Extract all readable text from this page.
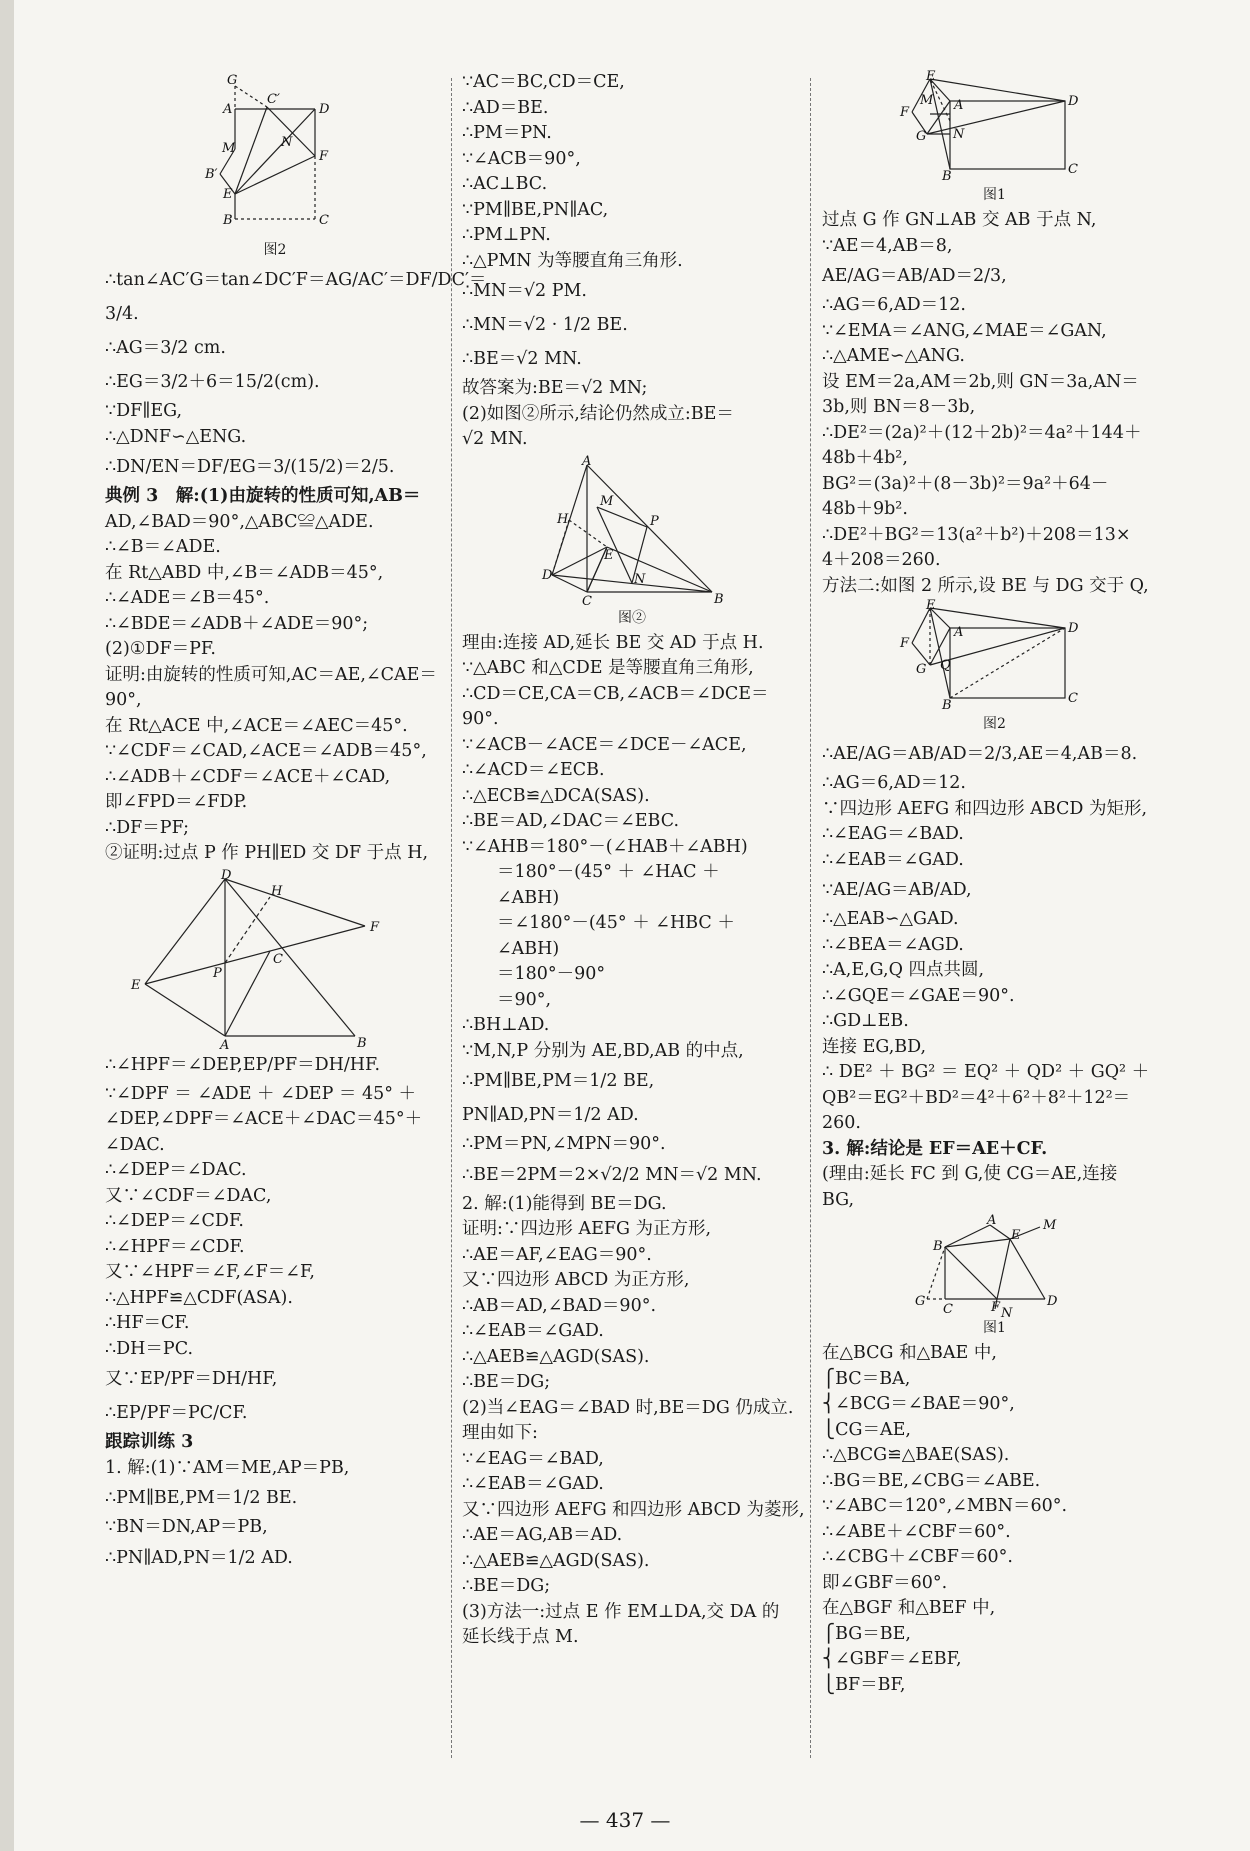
G
C′
A	D
M	N
B′
F
E
B	C
图2
∴tan∠AC′G＝tan∠DC′F＝AG/AC′＝DF/DC′＝
3/4.
∴AG＝3/2 cm.
∴EG＝3/2＋6＝15/2(cm).
∵DF∥EG,
∴△DNF∽△ENG.
∴DN/EN＝DF/EG＝3/(15/2)＝2/5.
典例 3　解:(1)由旋转的性质可知,AB＝
AD,∠BAD＝90°,△ABC≌△ADE.
∴∠B＝∠ADE.
在 Rt△ABD 中,∠B＝∠ADB＝45°,
∴∠ADE＝∠B＝45°.
∴∠BDE＝∠ADB＋∠ADE＝90°;
(2)①DF＝PF.
证明:由旋转的性质可知,AC＝AE,∠CAE＝
90°,
在 Rt△ACE 中,∠ACE＝∠AEC＝45°.
∵∠CDF＝∠CAD,∠ACE＝∠ADB＝45°,
∴∠ADB＋∠CDF＝∠ACE＋∠CAD,
即∠FPD＝∠FDP.
∴DF＝PF;
②证明:过点 P 作 PH∥ED 交 DF 于点 H,
D
H
F
E
P
C
A	B
∴∠HPF＝∠DEP,EP/PF＝DH/HF.
∵∠DPF ＝ ∠ADE ＋ ∠DEP ＝ 45° ＋
∠DEP,∠DPF＝∠ACE＋∠DAC＝45°＋
∠DAC.
∴∠DEP＝∠DAC.
又∵∠CDF＝∠DAC,
∴∠DEP＝∠CDF.
∴∠HPF＝∠CDF.
又∵∠HPF＝∠F,∠F＝∠F,
∴△HPF≌△CDF(ASA).
∴HF＝CF.
∴DH＝PC.
又∵EP/PF＝DH/HF,
∴EP/PF＝PC/CF.
跟踪训练 3
1. 解:(1)∵AM＝ME,AP＝PB,
∴PM∥BE,PM＝1/2 BE.
∵BN＝DN,AP＝PB,
∴PN∥AD,PN＝1/2 AD.
∵AC＝BC,CD＝CE,
∴AD＝BE.
∴PM＝PN.
∵∠ACB＝90°,
∴AC⊥BC.
∵PM∥BE,PN∥AC,
∴PM⊥PN.
∴△PMN 为等腰直角三角形.
∴MN＝√2 PM.
∴MN＝√2 · 1/2 BE.
∴BE＝√2 MN.
故答案为:BE＝√2 MN;
(2)如图②所示,结论仍然成立:BE＝
√2 MN.
A
M
P
H
E
D
C
N
B
图②
理由:连接 AD,延长 BE 交 AD 于点 H.
∵△ABC 和△CDE 是等腰直角三角形,
∴CD＝CE,CA＝CB,∠ACB＝∠DCE＝
90°.
∵∠ACB－∠ACE＝∠DCE－∠ACE,
∴∠ACD＝∠ECB.
∴△ECB≌△DCA(SAS).
∴BE＝AD,∠DAC＝∠EBC.
∵∠AHB＝180°－(∠HAB＋∠ABH)
　　＝180°－(45° ＋ ∠HAC ＋
　　∠ABH)
　　＝∠180°－(45° ＋ ∠HBC ＋
　　∠ABH)
　　＝180°－90°
　　＝90°,
∴BH⊥AD.
∵M,N,P 分别为 AE,BD,AB 的中点,
∴PM∥BE,PM＝1/2 BE,
PN∥AD,PN＝1/2 AD.
∴PM＝PN,∠MPN＝90°.
∴BE＝2PM＝2×√2/2 MN＝√2 MN.
2. 解:(1)能得到 BE＝DG.
证明:∵四边形 AEFG 为正方形,
∴AE＝AF,∠EAG＝90°.
又∵四边形 ABCD 为正方形,
∴AB＝AD,∠BAD＝90°.
∴∠EAB＝∠GAD.
∴△AEB≌△AGD(SAS).
∴BE＝DG;
(2)当∠EAG＝∠BAD 时,BE＝DG 仍成立.
理由如下:
∵∠EAG＝∠BAD,
∴∠EAB＝∠GAD.
又∵四边形 AEFG 和四边形 ABCD 为菱形,
∴AE＝AG,AB＝AD.
∴△AEB≌△AGD(SAS).
∴BE＝DG;
(3)方法一:过点 E 作 EM⊥DA,交 DA 的
延长线于点 M.
E
M A	D
F
G N
B	C
图1
过点 G 作 GN⊥AB 交 AB 于点 N,
∵AE＝4,AB＝8,
AE/AG＝AB/AD＝2/3,
∴AG＝6,AD＝12.
∵∠EMA＝∠ANG,∠MAE＝∠GAN,
∴△AME∽△ANG.
设 EM＝2a,AM＝2b,则 GN＝3a,AN＝
3b,则 BN＝8－3b,
∴DE²＝(2a)²＋(12＋2b)²＝4a²＋144＋
48b＋4b²,
BG²＝(3a)²＋(8－3b)²＝9a²＋64－
48b＋9b².
∴DE²＋BG²＝13(a²＋b²)＋208＝13×
4＋208＝260.
方法二:如图 2 所示,设 BE 与 DG 交于 Q,
E
F
G
A	D
Q
B	C
图2
∴AE/AG＝AB/AD＝2/3,AE＝4,AB＝8.
∴AG＝6,AD＝12.
∵四边形 AEFG 和四边形 ABCD 为矩形,
∴∠EAG＝∠BAD.
∴∠EAB＝∠GAD.
∵AE/AG＝AB/AD,
∴△EAB∽△GAD.
∴∠BEA＝∠AGD.
∴A,E,G,Q 四点共圆,
∴∠GQE＝∠GAE＝90°.
∴GD⊥EB.
连接 EG,BD,
∴ DE² ＋ BG² ＝ EQ² ＋ QD² ＋ GQ² ＋
QB²＝EG²＋BD²＝4²＋6²＋8²＋12²＝
260.
3. 解:结论是 EF＝AE＋CF.
(理由:延长 FC 到 G,使 CG＝AE,连接
BG,
A	M
B
E
G
C	F	D
N
图1
在△BCG 和△BAE 中,
⎧BC＝BA,
⎨∠BCG＝∠BAE＝90°,
⎩CG＝AE,
∴△BCG≌△BAE(SAS).
∴BG＝BE,∠CBG＝∠ABE.
∵∠ABC＝120°,∠MBN＝60°.
∴∠ABE＋∠CBF＝60°.
∴∠CBG＋∠CBF＝60°.
即∠GBF＝60°.
在△BGF 和△BEF 中,
⎧BG＝BE,
⎨∠GBF＝∠EBF,
⎩BF＝BF,
— 437 —
